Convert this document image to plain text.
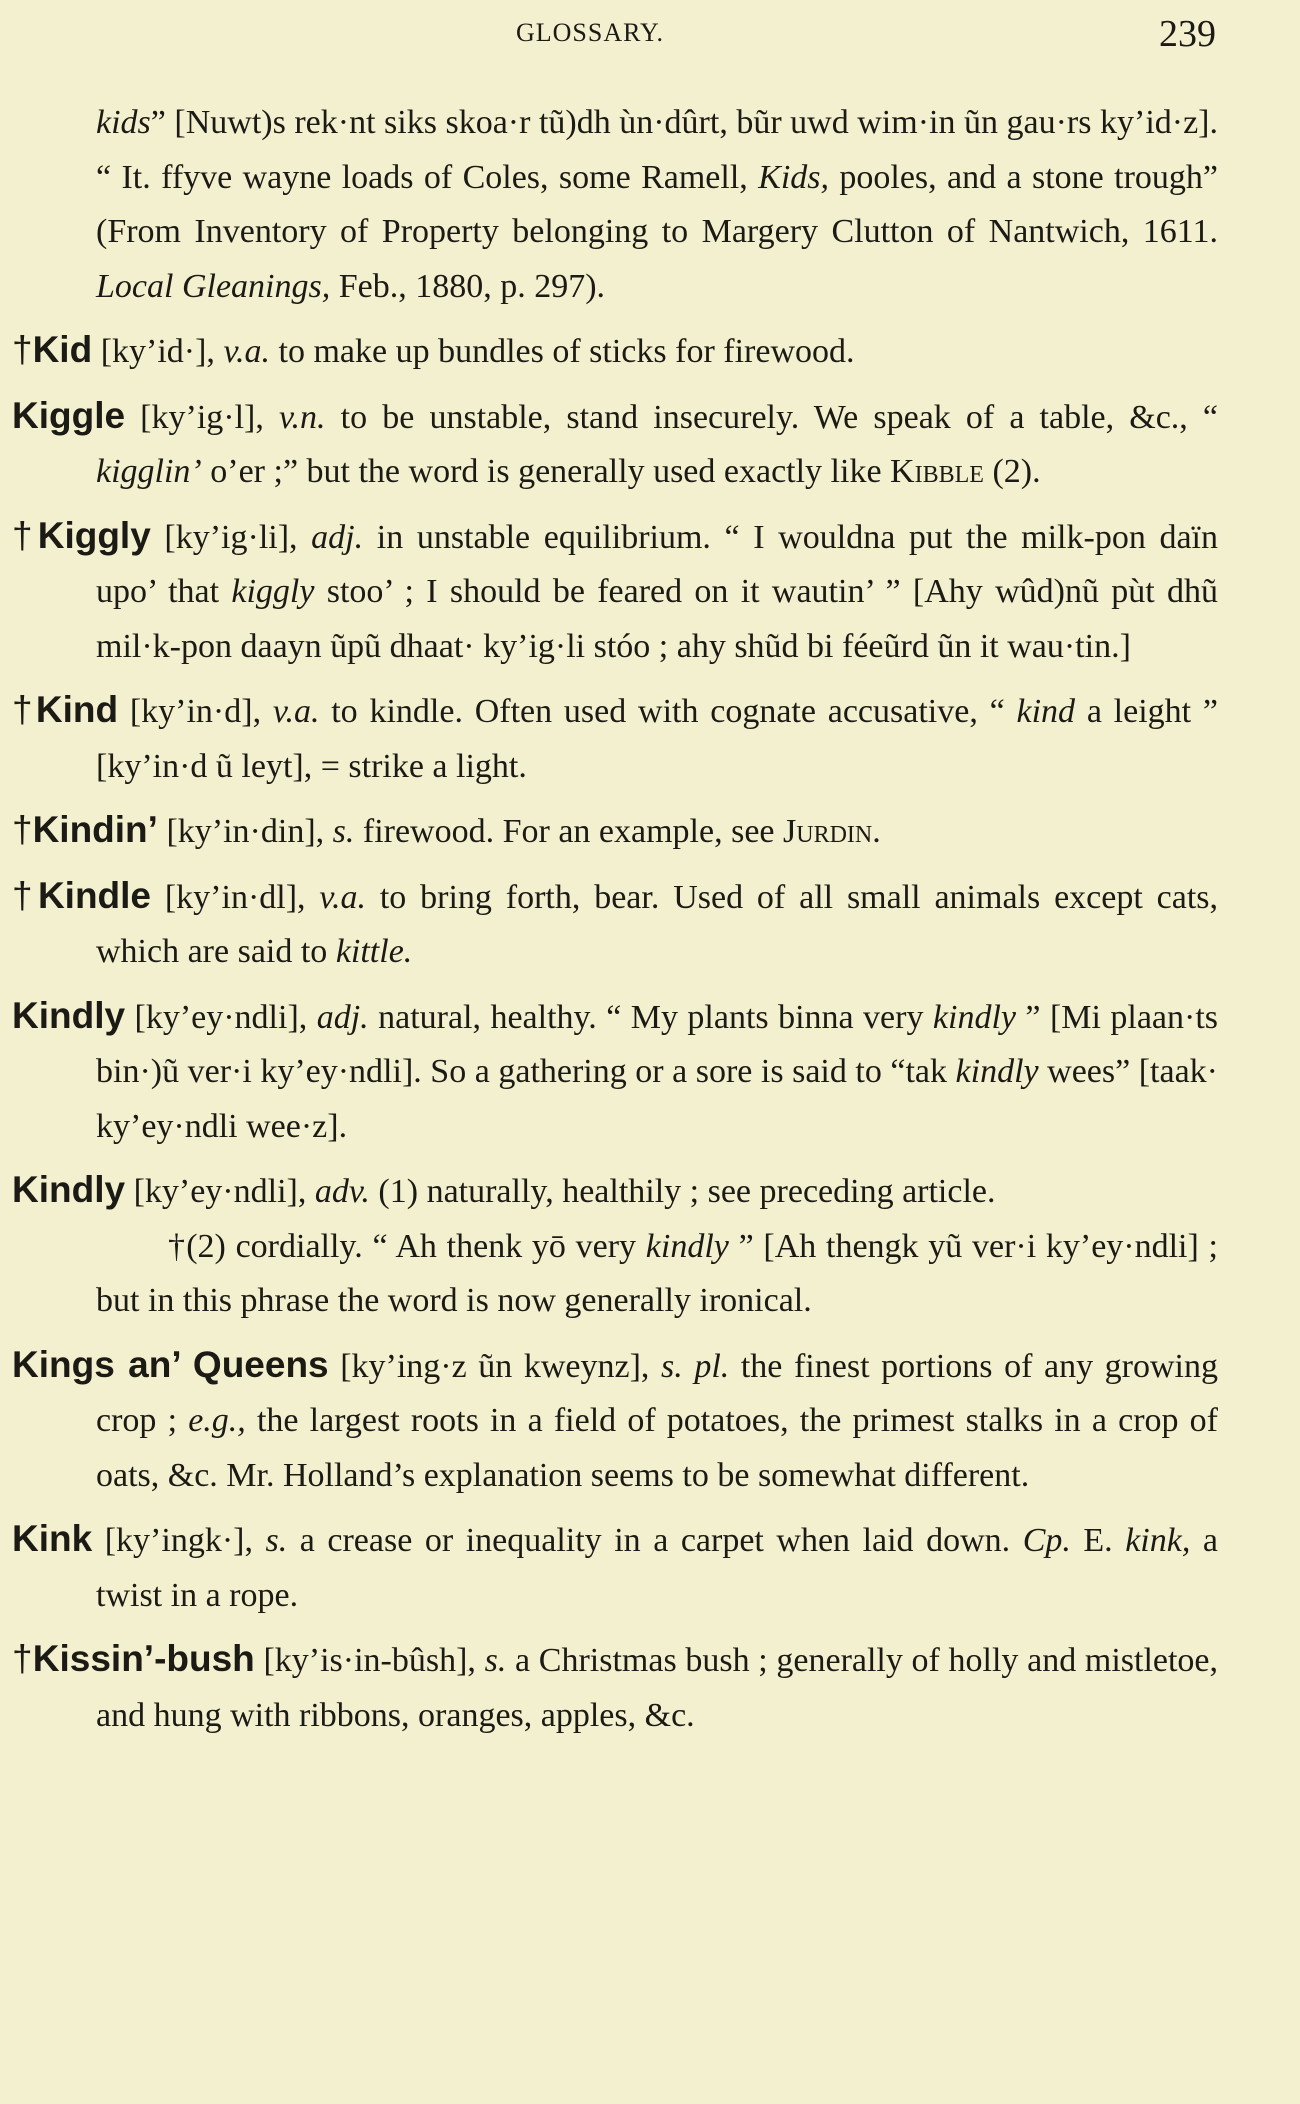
GLOSSARY.	239

kids” [Nuwt)s rek·nt siks skoa·r tũ)dh ùn·dûrt, bũr uwd wim·in ũn gau·rs ky’id·z]. “ It. ffyve wayne loads of Coles, some Ramell, Kids, pooles, and a stone trough” (From Inventory of Property belonging to Margery Clutton of Nantwich, 1611. Local Gleanings, Feb., 1880, p. 297).

†Kid [ky’id·], v.a. to make up bundles of sticks for firewood.

Kiggle [ky’ig·l], v.n. to be unstable, stand insecurely. We speak of a table, &c., “ kigglin’ o’er ;” but the word is generally used exactly like Kibble (2).

†Kiggly [ky’ig·li], adj. in unstable equilibrium. “ I wouldna put the milk-pon daïn upo’ that kiggly stoo’ ; I should be feared on it wautin’ ” [Ahy wûd)nũ pùt dhũ mil·k-pon daayn ũpũ dhaat· ky’ig·li stóo ; ahy shũd bi féeũrd ũn it wau·tin.]

†Kind [ky’in·d], v.a. to kindle. Often used with cognate accusative, “ kind a leight ” [ky’in·d ũ leyt], = strike a light.

†Kindin’ [ky’in·din], s. firewood. For an example, see Jurdin.

†Kindle [ky’in·dl], v.a. to bring forth, bear. Used of all small animals except cats, which are said to kittle.

Kindly [ky’ey·ndli], adj. natural, healthy. “ My plants binna very kindly ” [Mi plaan·ts bin·)ũ ver·i ky’ey·ndli]. So a gathering or a sore is said to “tak kindly wees” [taak· ky’ey·ndli wee·z].

Kindly [ky’ey·ndli], adv. (1) naturally, healthily ; see preceding article.

†(2) cordially. “ Ah thenk yō very kindly ” [Ah thengk yũ ver·i ky’ey·ndli] ; but in this phrase the word is now generally ironical.

Kings an’ Queens [ky’ing·z ũn kweynz], s. pl. the finest portions of any growing crop ; e.g., the largest roots in a field of potatoes, the primest stalks in a crop of oats, &c. Mr. Holland’s explanation seems to be somewhat different.

Kink [ky’ingk·], s. a crease or inequality in a carpet when laid down. Cp. E. kink, a twist in a rope.

†Kissin’-bush [ky’is·in-bûsh], s. a Christmas bush ; generally of holly and mistletoe, and hung with ribbons, oranges, apples, &c.
